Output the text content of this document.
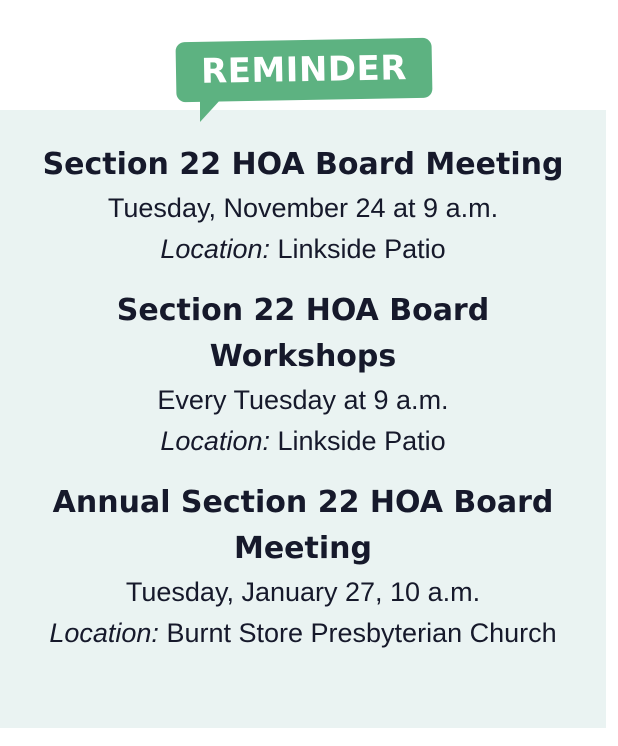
REMINDER
Section 22 HOA Board Meeting
Tuesday, November 24 at 9 a.m.
Location: Linkside Patio
Section 22 HOA Board Workshops
Every Tuesday at 9 a.m.
Location: Linkside Patio
Annual Section 22 HOA Board Meeting
Tuesday, January 27, 10 a.m.
Location: Burnt Store Presbyterian Church
